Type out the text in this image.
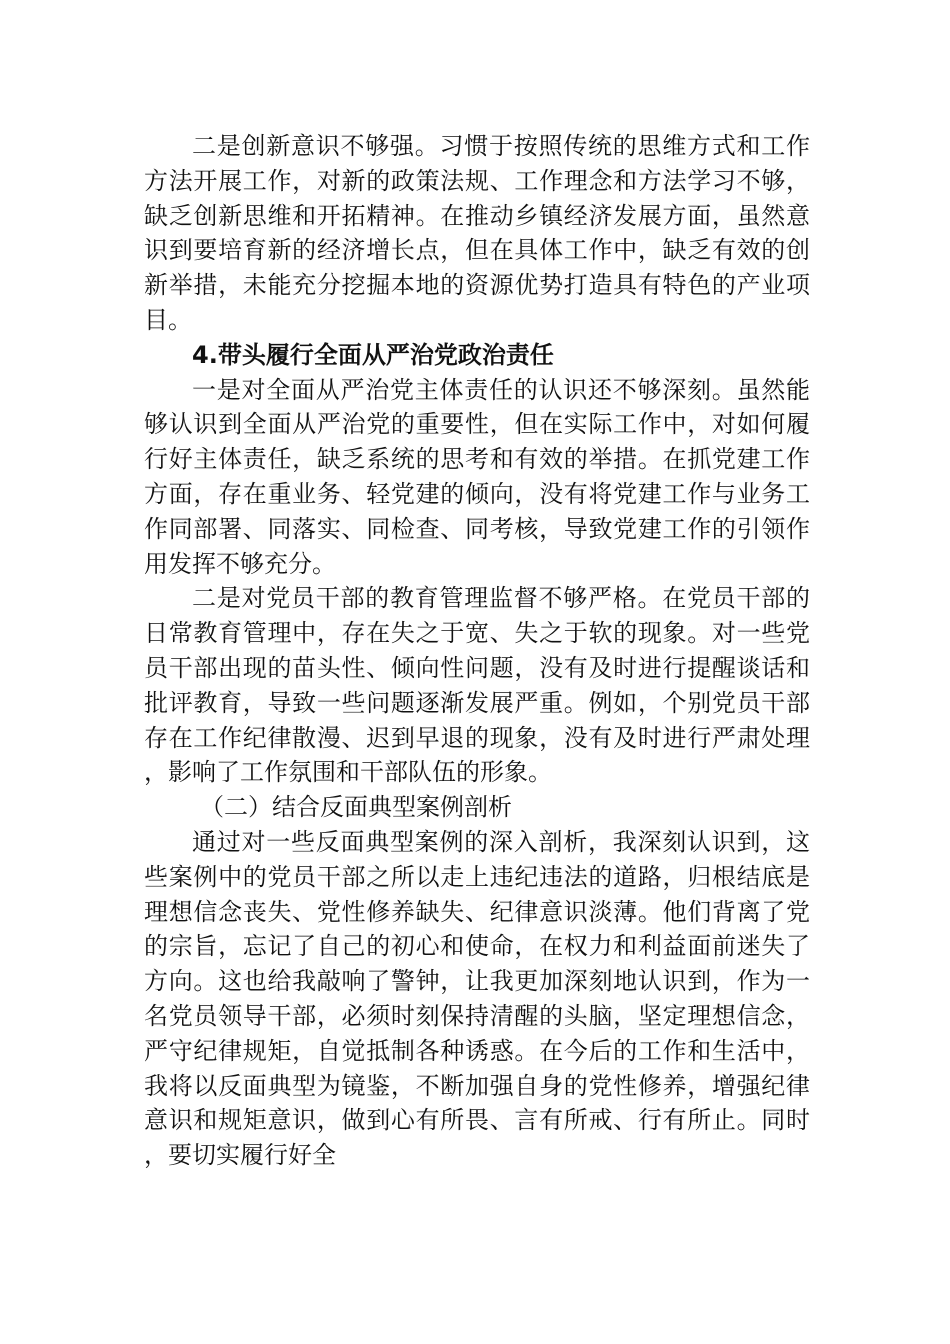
二是创新意识不够强。习惯于按照传统的思维方式和工作方法开展工作，对新的政策法规、工作理念和方法学习不够，缺乏创新思维和开拓精神。在推动乡镇经济发展方面，虽然意识到要培育新的经济增长点，但在具体工作中，缺乏有效的创新举措，未能充分挖掘本地的资源优势打造具有特色的产业项目。

4.带头履行全面从严治党政治责任

一是对全面从严治党主体责任的认识还不够深刻。虽然能够认识到全面从严治党的重要性，但在实际工作中，对如何履行好主体责任，缺乏系统的思考和有效的举措。在抓党建工作方面，存在重业务、轻党建的倾向，没有将党建工作与业务工作同部署、同落实、同检查、同考核，导致党建工作的引领作用发挥不够充分。

二是对党员干部的教育管理监督不够严格。在党员干部的日常教育管理中，存在失之于宽、失之于软的现象。对一些党员干部出现的苗头性、倾向性问题，没有及时进行提醒谈话和批评教育，导致一些问题逐渐发展严重。例如，个别党员干部存在工作纪律散漫、迟到早退的现象，没有及时进行严肃处理，影响了工作氛围和干部队伍的形象。

（二）结合反面典型案例剖析

通过对一些反面典型案例的深入剖析，我深刻认识到，这些案例中的党员干部之所以走上违纪违法的道路，归根结底是理想信念丧失、党性修养缺失、纪律意识淡薄。他们背离了党的宗旨，忘记了自己的初心和使命，在权力和利益面前迷失了方向。这也给我敲响了警钟，让我更加深刻地认识到，作为一名党员领导干部，必须时刻保持清醒的头脑，坚定理想信念，严守纪律规矩，自觉抵制各种诱惑。在今后的工作和生活中，我将以反面典型为镜鉴，不断加强自身的党性修养，增强纪律意识和规矩意识，做到心有所畏、言有所戒、行有所止。同时，要切实履行好全
